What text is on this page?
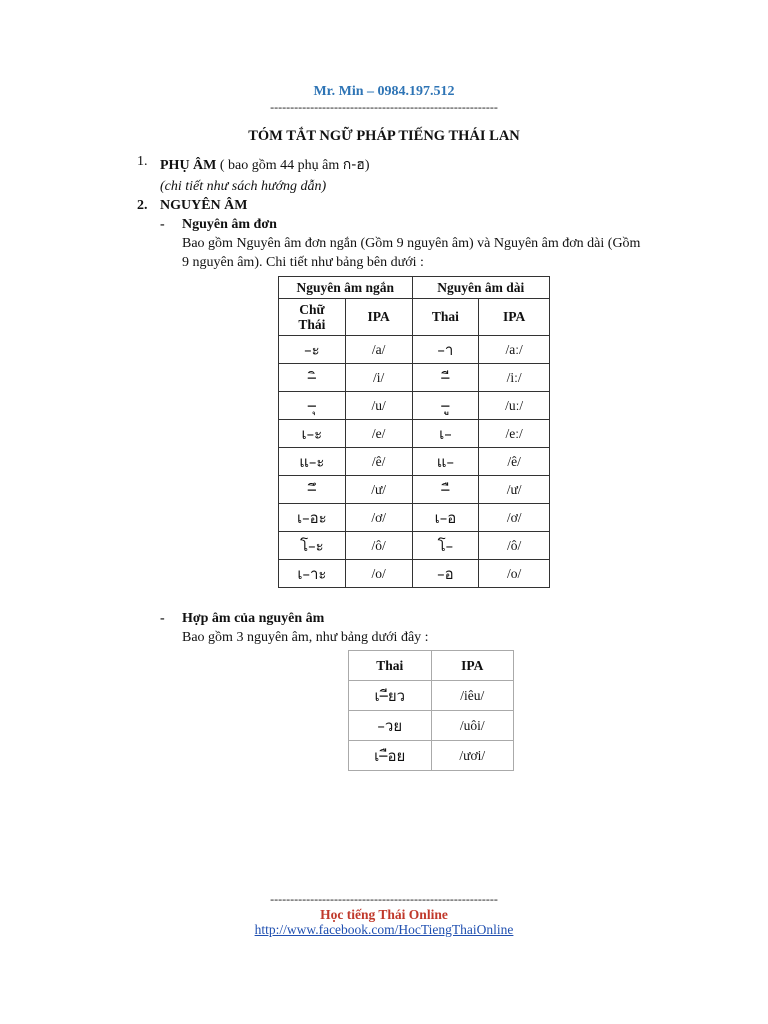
Mr. Min – 0984.197.512
---------------------------------------------------------
TÓM TẮT NGỮ PHÁP TIẾNG THÁI LAN
1. PHỤ ÂM ( bao gồm 44 phụ âm ก-ฮ)
(chi tiết như sách hướng dẫn)
2. NGUYÊN ÂM
- Nguyên âm đơn
Bao gồm Nguyên âm đơn ngắn (Gồm 9 nguyên âm) và Nguyên âm đơn dài (Gồm
9 nguyên âm). Chi tiết như bảng bên dưới :
Nguyên âm ngắn		Nguyên âm dài	
Chữ
Thái	IPA	Thai	IPA
–ะ	/a/	–า	/aː/
–ิ	/i/	–ี	/iː/
–ุ	/u/	–ู	/uː/
เ–ะ	/e/	เ–	/eː/
แ–ะ	/ê/	แ–	/ê/
–ึ	/ư/	–ื	/ư/
เ–อะ	/ơ/	เ–อ	/ơ/
โ–ะ	/ô/	โ–	/ô/
เ–าะ	/o/	–อ	/o/
- Hợp âm của nguyên âm
Bao gồm 3 nguyên âm, như bảng dưới đây :
Thai	IPA
เ–ียว	/iêu/
–วย	/uôi/
เ–ือย	/ươi/
---------------------------------------------------------
Học tiếng Thái Online
http://www.facebook.com/HocTiengThaiOnline
